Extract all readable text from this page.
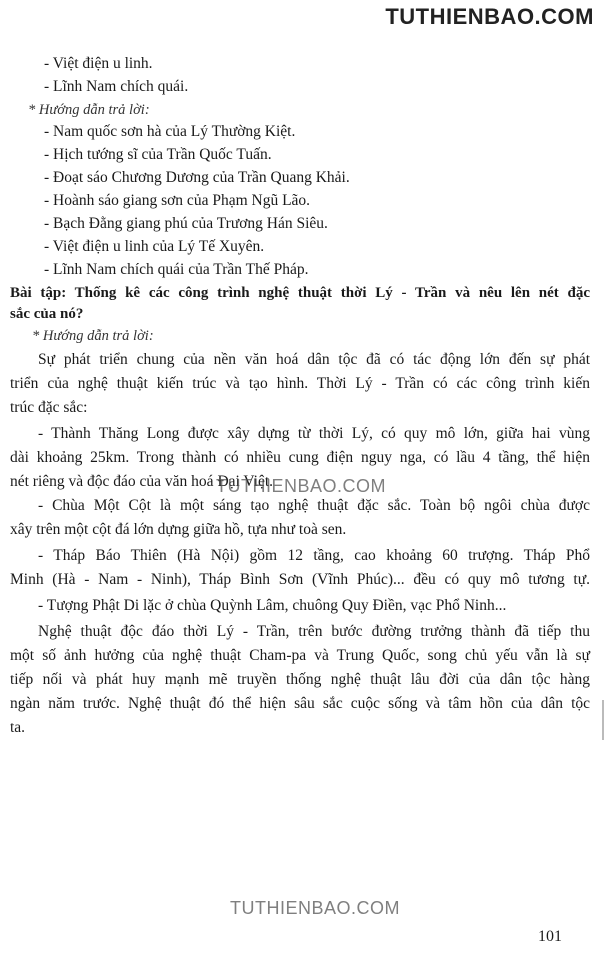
TUTHIENBAO.COM
- Việt điện u linh.
- Lĩnh Nam chích quái.
* Hướng dẫn trả lời:
- Nam quốc sơn hà của Lý Thường Kiệt.
- Hịch tướng sĩ của Trần Quốc Tuấn.
- Đoạt sáo Chương Dương của Trần Quang Khải.
- Hoành sáo giang sơn của Phạm Ngũ Lão.
- Bạch Đằng giang phú của Trương Hán Siêu.
- Việt điện u linh của Lý Tế Xuyên.
- Lĩnh Nam chích quái của Trần Thế Pháp.
Bài tập: Thống kê các công trình nghệ thuật thời Lý - Trần và nêu lên nét đặc
sắc của nó?
* Hướng dẫn trả lời:
Sự phát triển chung của nền văn hoá dân tộc đã có tác động lớn đến sự phát
triển của nghệ thuật kiến trúc và tạo hình. Thời Lý - Trần có các công trình kiến
trúc đặc sắc:
- Thành Thăng Long được xây dựng từ thời Lý, có quy mô lớn, giữa hai vùng
dài khoảng 25km. Trong thành có nhiều cung điện nguy nga, có lầu 4 tầng, thể hiện
nét riêng và độc đáo của văn hoá Đại Việt.
- Chùa Một Cột là một sáng tạo nghệ thuật đặc sắc. Toàn bộ ngôi chùa được
xây trên một cột đá lớn dựng giữa hồ, tựa như toà sen.
- Tháp Báo Thiên (Hà Nội) gồm 12 tầng, cao khoảng 60 trượng. Tháp Phổ
Minh (Hà - Nam - Ninh), Tháp Bình Sơn (Vĩnh Phúc)... đều có quy mô tương tự.
- Tượng Phật Di lặc ở chùa Quỳnh Lâm, chuông Quy Điền, vạc Phổ Ninh...
Nghệ thuật độc đáo thời Lý - Trần, trên bước đường trưởng thành đã tiếp thu
một số ảnh hưởng của nghệ thuật Cham-pa và Trung Quốc, song chủ yếu vẫn là sự
tiếp nối và phát huy mạnh mẽ truyền thống nghệ thuật lâu đời của dân tộc hàng
ngàn năm trước. Nghệ thuật đó thể hiện sâu sắc cuộc sống và tâm hồn của dân tộc
ta.
TUTHIENBAO.COM
TUTHIENBAO.COM
101
